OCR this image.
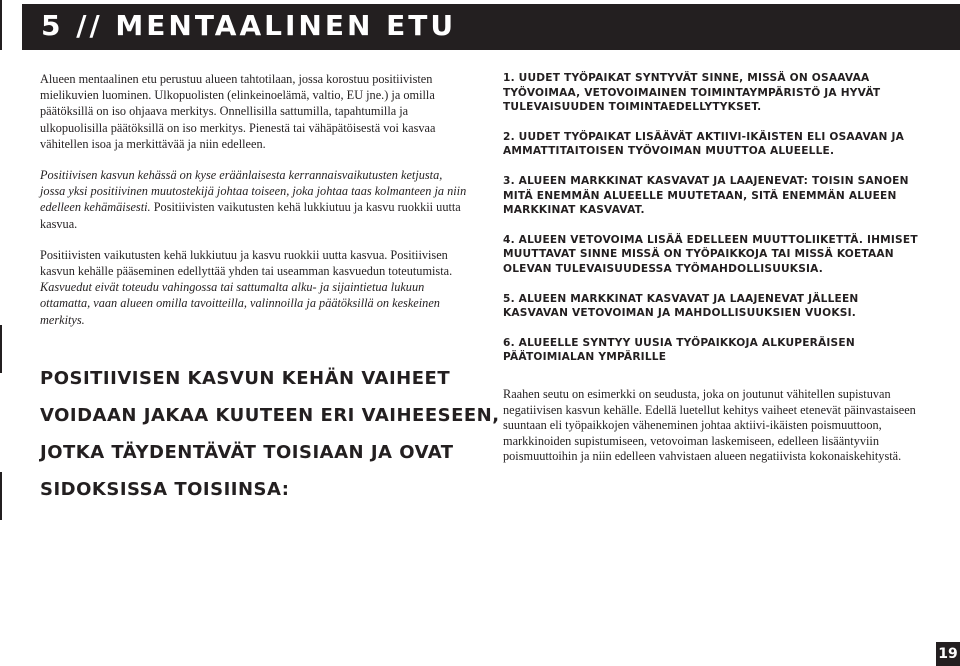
5 // MENTAALINEN ETU

Alueen mentaalinen etu perustuu alueen tahtotilaan, jossa korostuu positiivisten mielikuvien luominen. Ulkopuolisten (elinkeinoelämä, valtio, EU jne.) ja omilla päätöksillä on iso ohjaava merkitys. Onnellisilla sattumilla, tapahtumilla ja ulkopuolisilla päätöksillä on iso merkitys. Pienestä tai vähäpätöisestä voi kasvaa vähitellen isoa ja merkittävää ja niin edelleen.

Positiivisen kasvun kehässä on kyse eräänlaisesta kerrannaisvaikutusten ketjusta, jossa yksi positiivinen muutostekijä johtaa toiseen, joka johtaa taas kolmanteen ja niin edelleen kehämäisesti. Positiivisten vaikutusten kehä lukkiutuu ja kasvu ruokkii uutta kasvua.

Positiivisten vaikutusten kehä lukkiutuu ja kasvu ruokkii uutta kasvua. Positiivisen kasvun kehälle pääseminen edellyttää yhden tai useamman kasvuedun toteutumista. Kasvuedut eivät toteudu vahingossa tai sattumalta alku- ja sijaintietua lukuun ottamatta, vaan alueen omilla tavoitteilla, valinnoilla ja päätöksillä on keskeinen merkitys.

POSITIIVISEN KASVUN KEHÄN VAIHEET
VOIDAAN JAKAA KUUTEEN ERI VAIHEESEEN,
JOTKA TÄYDENTÄVÄT TOISIAAN JA OVAT
SIDOKSISSA TOISIINSA:
1. UUDET TYÖPAIKAT SYNTYVÄT SINNE, MISSÄ ON OSAAVAA TYÖVOIMAA, VETOVOIMAINEN TOIMINTAYMPÄRISTÖ JA HYVÄT TULEVAISUUDEN TOIMINTAEDELLYTYKSET.
2. UUDET TYÖPAIKAT LISÄÄVÄT AKTIIVI-IKÄISTEN ELI OSAAVAN JA AMMATTITAITOISEN TYÖVOIMAN MUUTTOA ALUEELLE.
3. ALUEEN MARKKINAT KASVAVAT JA LAAJENEVAT: TOISIN SANOEN MITÄ ENEMMÄN ALUEELLE MUUTETAAN, SITÄ ENEMMÄN ALUEEN MARKKINAT KASVAVAT.
4. ALUEEN VETOVOIMA LISÄÄ EDELLEEN MUUTTOLIIKETTÄ. IHMISET MUUTTAVAT SINNE MISSÄ ON TYÖPAIKKOJA TAI MISSÄ KOETAAN OLEVAN TULEVAISUUDESSA TYÖMAHDOLLISUUKSIA.
5. ALUEEN MARKKINAT KASVAVAT JA LAAJENEVAT JÄLLEEN KASVAVAN VETOVOIMAN JA MAHDOLLISUUKSIEN VUOKSI.
6. ALUEELLE SYNTYY UUSIA TYÖPAIKKOJA ALKUPERÄISEN PÄÄTOIMIALAN YMPÄRILLE

Raahen seutu on esimerkki on seudusta, joka on joutunut vähitellen supistuvan negatiivisen kasvun kehälle. Edellä luetellut kehitys vaiheet etenevät päinvastaiseen suuntaan eli työpaikkojen väheneminen johtaa aktiivi-ikäisten poismuuttoon, markkinoiden supistumiseen, vetovoiman laskemiseen, edelleen lisääntyviin poismuuttoihin ja niin edelleen vahvistaen alueen negatiivista kokonaiskehitystä.

19
